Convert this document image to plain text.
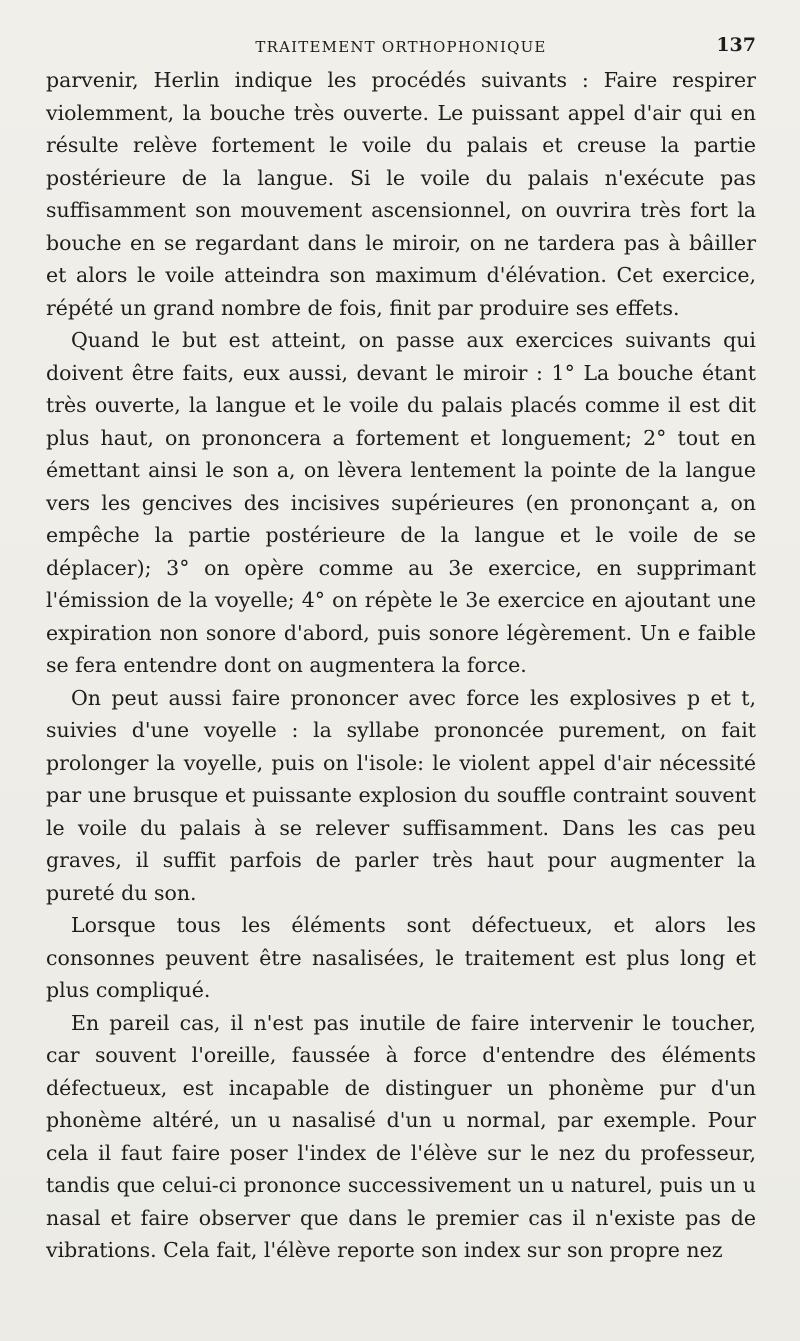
TRAITEMENT ORTHOPHONIQUE	137

parvenir, Herlin indique les procédés suivants : Faire respirer violemment, la bouche très ouverte. Le puissant appel d'air qui en résulte relève fortement le voile du palais et creuse la partie postérieure de la langue. Si le voile du palais n'exécute pas suffisamment son mouvement ascensionnel, on ouvrira très fort la bouche en se regardant dans le miroir, on ne tardera pas à bâiller et alors le voile atteindra son maximum d'élévation. Cet exercice, répété un grand nombre de fois, finit par produire ses effets.

Quand le but est atteint, on passe aux exercices suivants qui doivent être faits, eux aussi, devant le miroir : 1° La bouche étant très ouverte, la langue et le voile du palais placés comme il est dit plus haut, on prononcera a fortement et longuement; 2° tout en émettant ainsi le son a, on lèvera lentement la pointe de la langue vers les gencives des incisives supérieures (en prononçant a, on empêche la partie postérieure de la langue et le voile de se déplacer); 3° on opère comme au 3e exercice, en supprimant l'émission de la voyelle; 4° on répète le 3e exercice en ajoutant une expiration non sonore d'abord, puis sonore légèrement. Un e faible se fera entendre dont on augmentera la force.

On peut aussi faire prononcer avec force les explosives p et t, suivies d'une voyelle : la syllabe prononcée purement, on fait prolonger la voyelle, puis on l'isole: le violent appel d'air nécessité par une brusque et puissante explosion du souffle contraint souvent le voile du palais à se relever suffisamment. Dans les cas peu graves, il suffit parfois de parler très haut pour augmenter la pureté du son.

Lorsque tous les éléments sont défectueux, et alors les consonnes peuvent être nasalisées, le traitement est plus long et plus compliqué.

En pareil cas, il n'est pas inutile de faire intervenir le toucher, car souvent l'oreille, faussée à force d'entendre des éléments défectueux, est incapable de distinguer un phonème pur d'un phonème altéré, un u nasalisé d'un u normal, par exemple. Pour cela il faut faire poser l'index de l'élève sur le nez du professeur, tandis que celui-ci prononce successivement un u naturel, puis un u nasal et faire observer que dans le premier cas il n'existe pas de vibrations. Cela fait, l'élève reporte son index sur son propre nez
